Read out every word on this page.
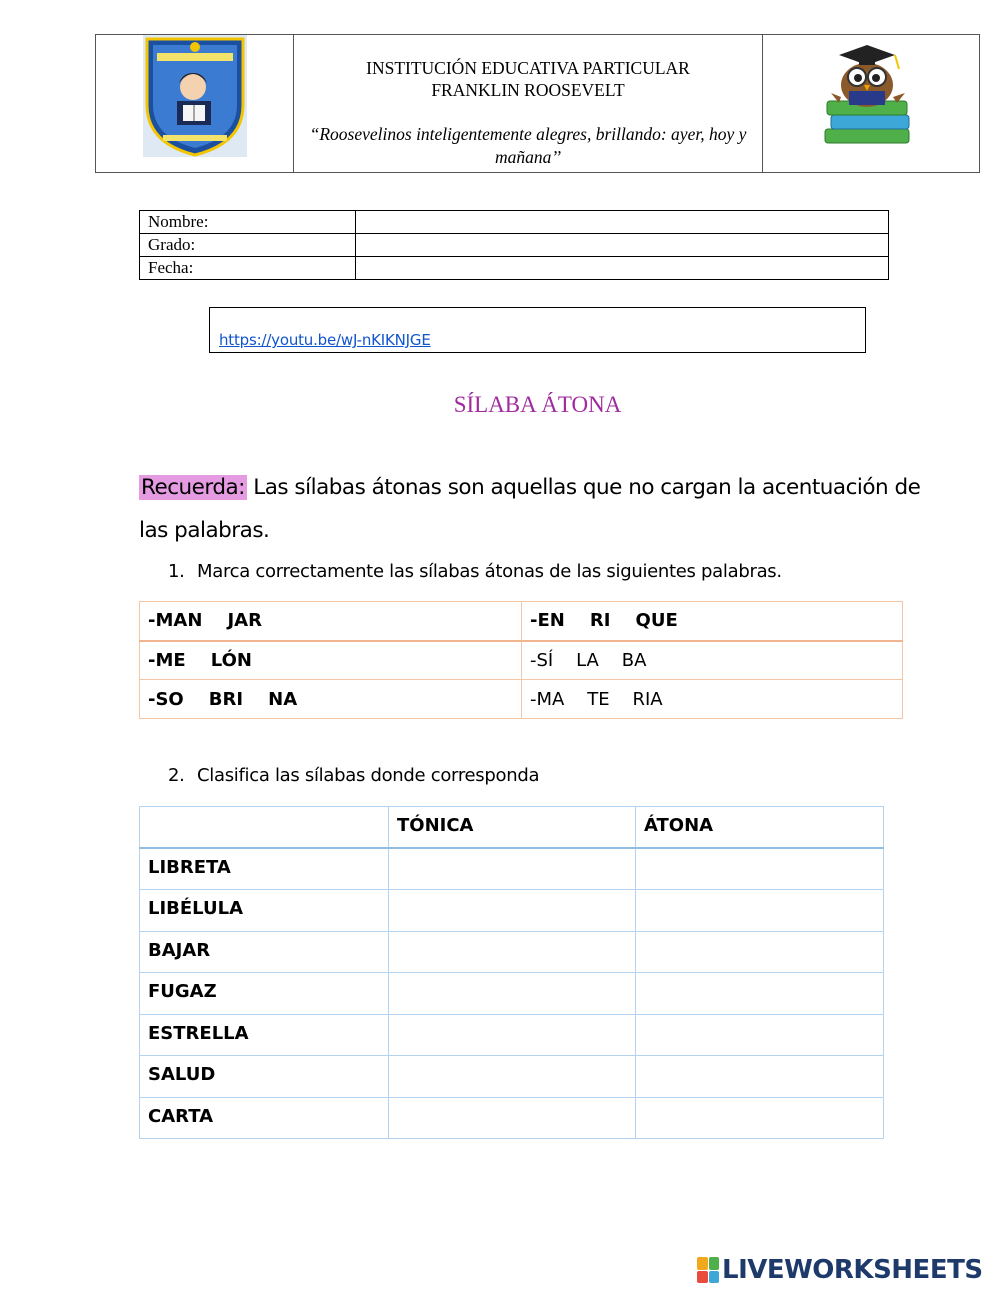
INSTITUCIÓN EDUCATIVA PARTICULAR
FRANKLIN ROOSEVELT
“Roosevelinos inteligentemente alegres, brillando: ayer, hoy y mañana’’
Nombre:	
Grado:	
Fecha:	
https://youtu.be/wJ-nKIKNJGE
SÍLABA ÁTONA
Recuerda: Las sílabas átonas son aquellas que no cargan la acentuación de las palabras.
1. Marca correctamente las sílabas átonas de las siguientes palabras.
-MAN    JAR	-EN    RI    QUE
-ME    LÓN	-SÍ    LA    BA
-SO    BRI    NA	-MA    TE    RIA
2. Clasifica las sílabas donde corresponda
	TÓNICA	ÁTONA
LIBRETA		
LIBÉLULA		
BAJAR		
FUGAZ		
ESTRELLA		
SALUD		
CARTA		
LIVEWORKSHEETS
